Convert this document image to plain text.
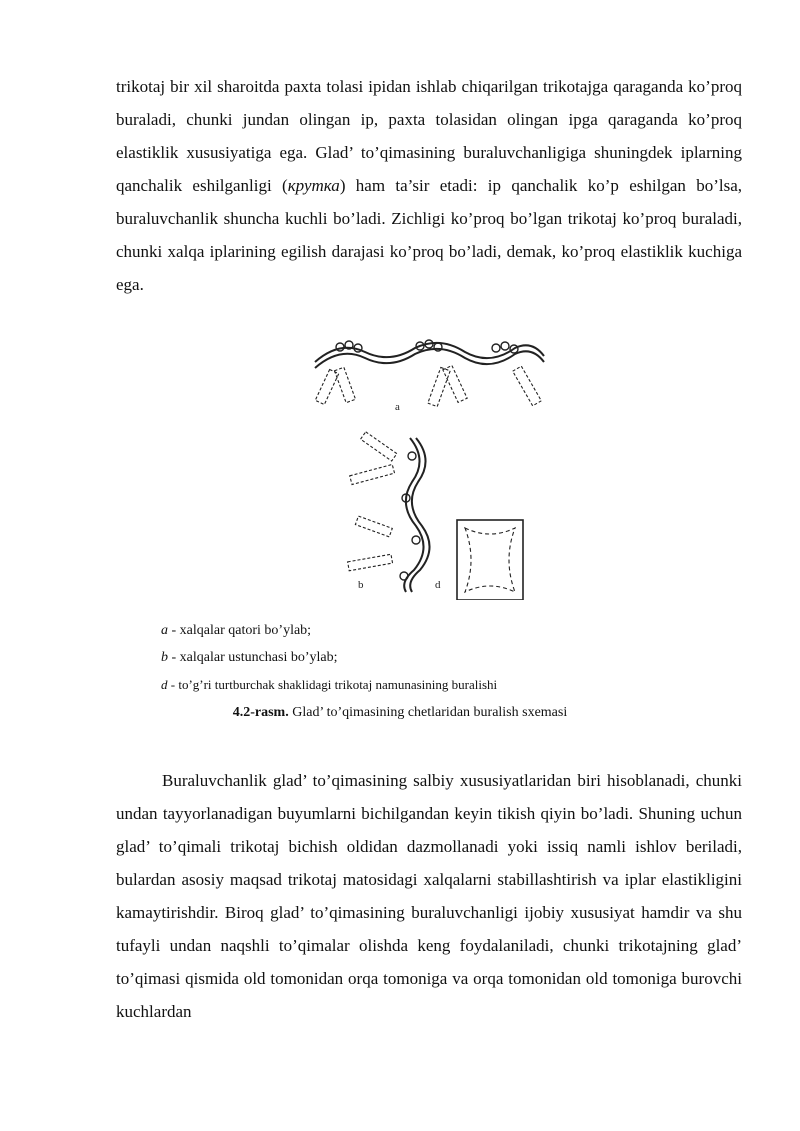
trikotaj bir xil sharoitda paxta tolasi ipidan ishlab chiqarilgan trikotajga qaraganda ko’proq buraladi, chunki jundan olingan ip, paxta tolasidan olingan ipga qaraganda ko’proq elastiklik xususiyatiga ega. Glad’ to’qimasining buraluvchanligiga shuningdek iplarning qanchalik eshilganligi (крутка) ham ta’sir etadi: ip qanchalik ko’p eshilgan bo’lsa, buraluvchanlik shuncha kuchli bo’ladi. Zichligi ko’proq bo’lgan trikotaj ko’proq buraladi, chunki xalqa iplarining egilish darajasi ko’proq bo’ladi, demak, ko’proq elastiklik kuchiga ega.

a
b	d
a - xalqalar qatori bo’ylab;
b - xalqalar ustunchasi bo’ylab;
d - to’g’ri turtburchak shaklidagi trikotaj namunasining buralishi
4.2-rasm. Glad’ to’qimasining chetlaridan buralish sxemasi

Buraluvchanlik glad’ to’qimasining salbiy xususiyatlaridan biri hisoblanadi, chunki undan tayyorlanadigan buyumlarni bichilgandan keyin tikish qiyin bo’ladi. Shuning uchun glad’ to’qimali trikotaj bichish oldidan dazmollanadi yoki issiq namli ishlov beriladi, bulardan asosiy maqsad trikotaj matosidagi xalqalarni stabillashtirish va iplar elastikligini kamaytirishdir. Biroq glad’ to’qimasining buraluvchanligi ijobiy xususiyat hamdir va shu tufayli undan naqshli to’qimalar olishda keng foydalaniladi, chunki trikotajning glad’ to’qimasi qismida old tomonidan orqa tomoniga va orqa tomonidan old tomoniga burovchi kuchlardan
